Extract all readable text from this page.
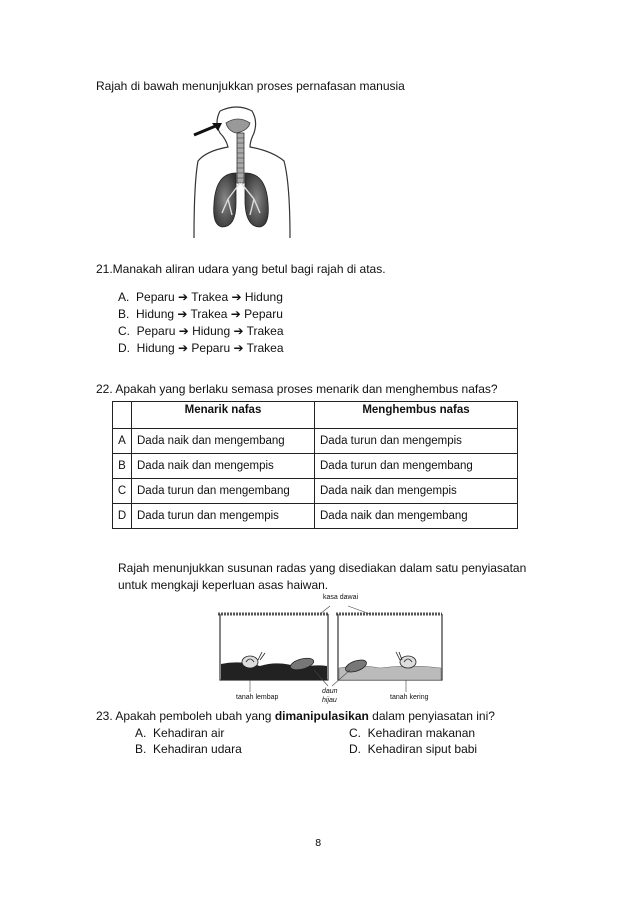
Rajah di bawah menunjukkan proses pernafasan manusia
21.Manakah aliran udara yang betul bagi rajah di atas.
A. Peparu ➔ Trakea ➔ Hidung
B. Hidung ➔ Trakea ➔ Peparu
C. Peparu ➔ Hidung ➔ Trakea
D. Hidung ➔ Peparu ➔ Trakea
22. Apakah yang berlaku semasa proses menarik dan menghembus nafas?
	Menarik nafas	Menghembus nafas
A	Dada naik dan mengembang	Dada turun dan mengempis
B	Dada naik dan mengempis	Dada turun dan mengembang
C	Dada turun dan mengembang	Dada naik dan mengempis
D	Dada turun dan mengempis	Dada naik dan mengembang
Rajah menunjukkan susunan radas yang disediakan dalam satu penyiasatan
untuk mengkaji keperluan asas haiwan.
kasa dawai
tanah lembap
daun
hijau	tanah kering
23. Apakah pemboleh ubah yang dimanipulasikan dalam penyiasatan ini?
A. Kehadiran air
B. Kehadiran udara
C. Kehadiran makanan
D. Kehadiran siput babi
8
